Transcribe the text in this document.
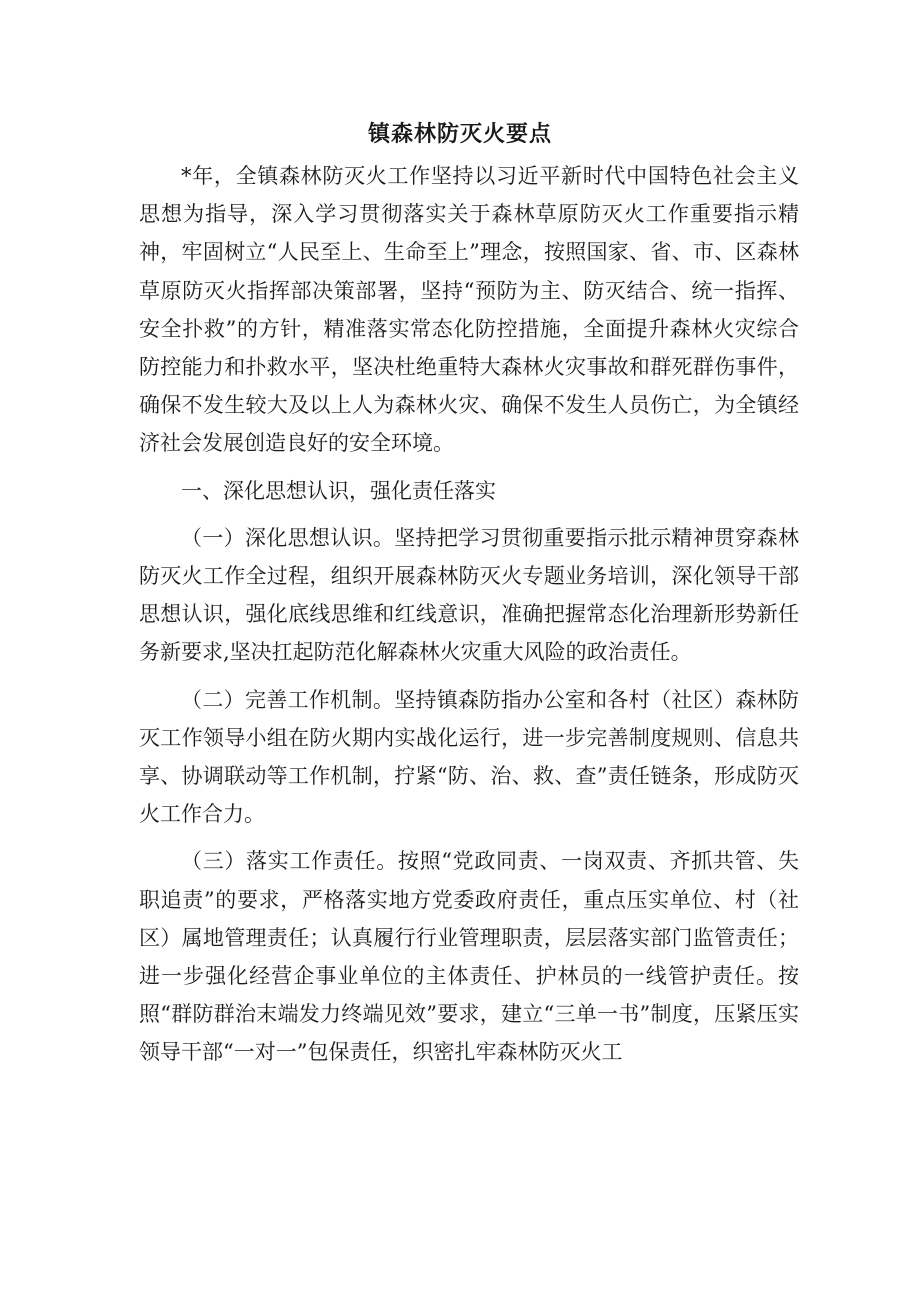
镇森林防灭火要点

*年，全镇森林防灭火工作坚持以习近平新时代中国特色社会主义思想为指导，深入学习贯彻落实关于森林草原防灭火工作重要指示精神，牢固树立“人民至上、生命至上”理念，按照国家、省、市、区森林草原防灭火指挥部决策部署，坚持“预防为主、防灭结合、统一指挥、安全扑救”的方针，精准落实常态化防控措施，全面提升森林火灾综合防控能力和扑救水平，坚决杜绝重特大森林火灾事故和群死群伤事件，确保不发生较大及以上人为森林火灾、确保不发生人员伤亡，为全镇经济社会发展创造良好的安全环境。

一、深化思想认识，强化责任落实

（一）深化思想认识。坚持把学习贯彻重要指示批示精神贯穿森林防灭火工作全过程，组织开展森林防灭火专题业务培训，深化领导干部思想认识，强化底线思维和红线意识，准确把握常态化治理新形势新任务新要求,坚决扛起防范化解森林火灾重大风险的政治责任。

（二）完善工作机制。坚持镇森防指办公室和各村（社区）森林防灭工作领导小组在防火期内实战化运行，进一步完善制度规则、信息共享、协调联动等工作机制，拧紧“防、治、救、查”责任链条，形成防灭火工作合力。

（三）落实工作责任。按照“党政同责、一岗双责、齐抓共管、失职追责”的要求，严格落实地方党委政府责任，重点压实单位、村（社区）属地管理责任；认真履行行业管理职责，层层落实部门监管责任；进一步强化经营企事业单位的主体责任、护林员的一线管护责任。按照“群防群治末端发力终端见效”要求，建立“三单一书”制度，压紧压实领导干部“一对一”包保责任，织密扎牢森林防灭火工
